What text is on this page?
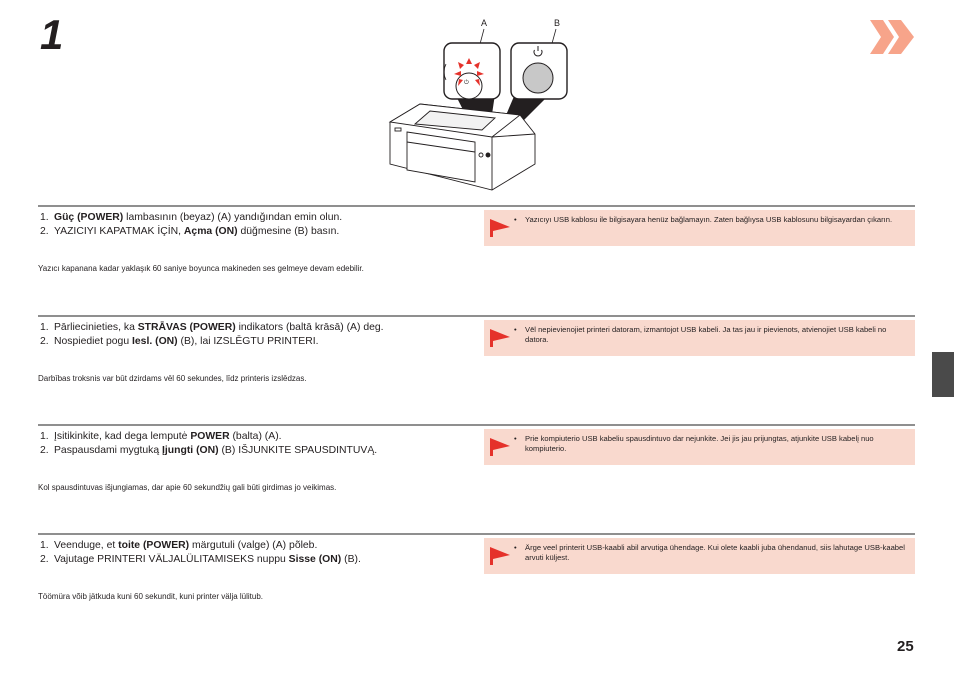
1	A	B
⏻
1. Güç (POWER) lambasının (beyaz) (A) yandığından emin olun.
2. YAZICIYI KAPATMAK İÇİN, Açma (ON) düğmesine (B) basın.
Yazıcı kapanana kadar yaklaşık 60 saniye boyunca makineden ses gelmeye devam edebilir.
• Yazıcıyı USB kablosu ile bilgisayara henüz bağlamayın. Zaten bağlıysa USB kablosunu bilgisayardan çıkarın.
1. Pārliecinieties, ka STRĀVAS (POWER) indikators (baltā krāsā) (A) deg.
2. Nospiediet pogu Iesl. (ON) (B), lai IZSLĒGTU PRINTERI.
Darbības troksnis var būt dzirdams vēl 60 sekundes, līdz printeris izslēdzas.
• Vēl nepievienojiet printeri datoram, izmantojot USB kabeli. Ja tas jau ir pievienots, atvienojiet USB kabeli no datora.
1. Įsitikinkite, kad dega lemputė POWER (balta) (A).
2. Paspausdami mygtuką Įjungti (ON) (B) IŠJUNKITE SPAUSDINTUVĄ.
Kol spausdintuvas išjungiamas, dar apie 60 sekundžių gali būti girdimas jo veikimas.
• Prie kompiuterio USB kabeliu spausdintuvo dar nejunkite. Jei jis jau prijungtas, atjunkite USB kabelį nuo kompiuterio.
1. Veenduge, et toite (POWER) märgutuli (valge) (A) põleb.
2. Vajutage PRINTERI VÄLJALÜLITAMISEKS nuppu Sisse (ON) (B).
Töömüra võib jätkuda kuni 60 sekundit, kuni printer välja lülitub.
• Ärge veel printerit USB-kaabli abil arvutiga ühendage. Kui olete kaabli juba ühendanud, siis lahutage USB-kaabel arvuti küljest.
25
